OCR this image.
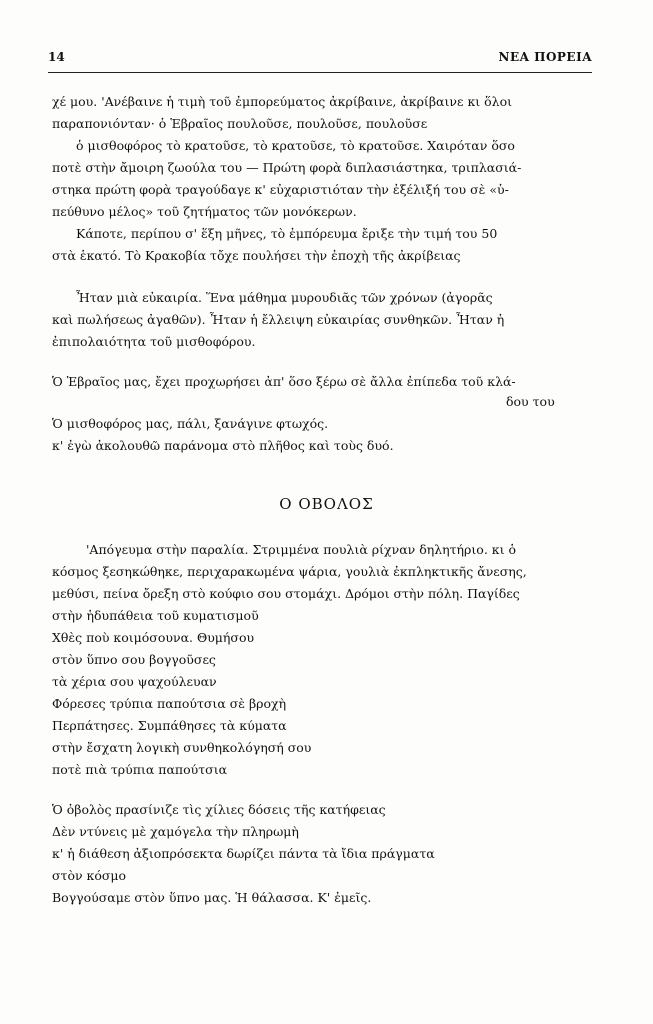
14	ΝΕΑ ΠΟΡΕΙΑ
χέ μου. 'Ανέβαινε ἡ τιμὴ τοῦ ἐμπορεύματος ἀκρίβαινε, ἀκρίβαινε κι ὅλοι
παραπονιόνταν· ὁ Ἑβραῖος πουλοῦσε, πουλοῦσε, πουλοῦσε
ὁ μισθοφόρος τὸ κρατοῦσε, τὸ κρατοῦσε, τὸ κρατοῦσε. Χαιρόταν ὅσο
ποτὲ στὴν ἄμοιρη ζωούλα του — Πρώτη φορὰ διπλασιάστηκα, τριπλασιά-
στηκα πρώτη φορὰ τραγούδαγε κ' εὐχαριστιόταν τὴν ἐξέλιξή του σὲ «ὑ-
πεύθυνο μέλος» τοῦ ζητήματος τῶν μονόκερων.
Κάποτε, περίπου σ' ἕξη μῆνες, τὸ ἐμπόρευμα ἔριξε τὴν τιμή του 50
στὰ ἑκατό. Τὸ Κρακοβία τὄχε πουλήσει τὴν ἐποχὴ τῆς ἀκρίβειας
Ἦταν μιὰ εὐκαιρία. Ἕνα μάθημα μυρουδιᾶς τῶν χρόνων (ἀγορᾶς
καὶ πωλήσεως ἀγαθῶν). Ἦταν ἡ ἔλλειψη εὐκαιρίας συνθηκῶν. Ἦταν ἡ
ἐπιπολαιότητα τοῦ μισθοφόρου.
Ὁ Ἑβραῖος μας, ἔχει προχωρήσει ἀπ' ὅσο ξέρω σὲ ἄλλα ἐπίπεδα τοῦ κλά-
δου του
Ὁ μισθοφόρος μας, πάλι, ξανάγινε φτωχός.
κ' ἐγὼ ἀκολουθῶ παράνομα στὸ πλῆθος καὶ τοὺς δυό.
Ο ΟΒΟΛΟΣ
'Απόγευμα στὴν παραλία. Στριμμένα πουλιὰ ρίχναν δηλητήριο. κι ὁ
κόσμος ξεσηκώθηκε, περιχαρακωμένα ψάρια, γουλιὰ ἐκπληκτικῆς ἄνεσης,
μεθύσι, πείνα ὄρεξη στὸ κούφιο σου στομάχι. Δρόμοι στὴν πόλη. Παγίδες
στὴν ἡδυπάθεια τοῦ κυματισμοῦ
Χθὲς ποὺ κοιμόσουνα. Θυμήσου
στὸν ὕπνο σου βογγοῦσες
τὰ χέρια σου ψαχούλευαν
Φόρεσες τρύπια παπούτσια σὲ βροχὴ
Περπάτησες. Συμπάθησες τὰ κύματα
στὴν ἔσχατη λογικὴ συνθηκολόγησή σου
ποτὲ πιὰ τρύπια παπούτσια
Ὁ ὀβολὸς πρασίνιζε τὶς χίλιες δόσεις τῆς κατήφειας
Δὲν ντύνεις μὲ χαμόγελα τὴν πληρωμὴ
κ' ἡ διάθεση ἀξιοπρόσεκτα δωρίζει πάντα τὰ ἴδια πράγματα
στὸν κόσμο
Βογγούσαμε στὸν ὕπνο μας. Ἡ θάλασσα. Κ' ἐμεῖς.
